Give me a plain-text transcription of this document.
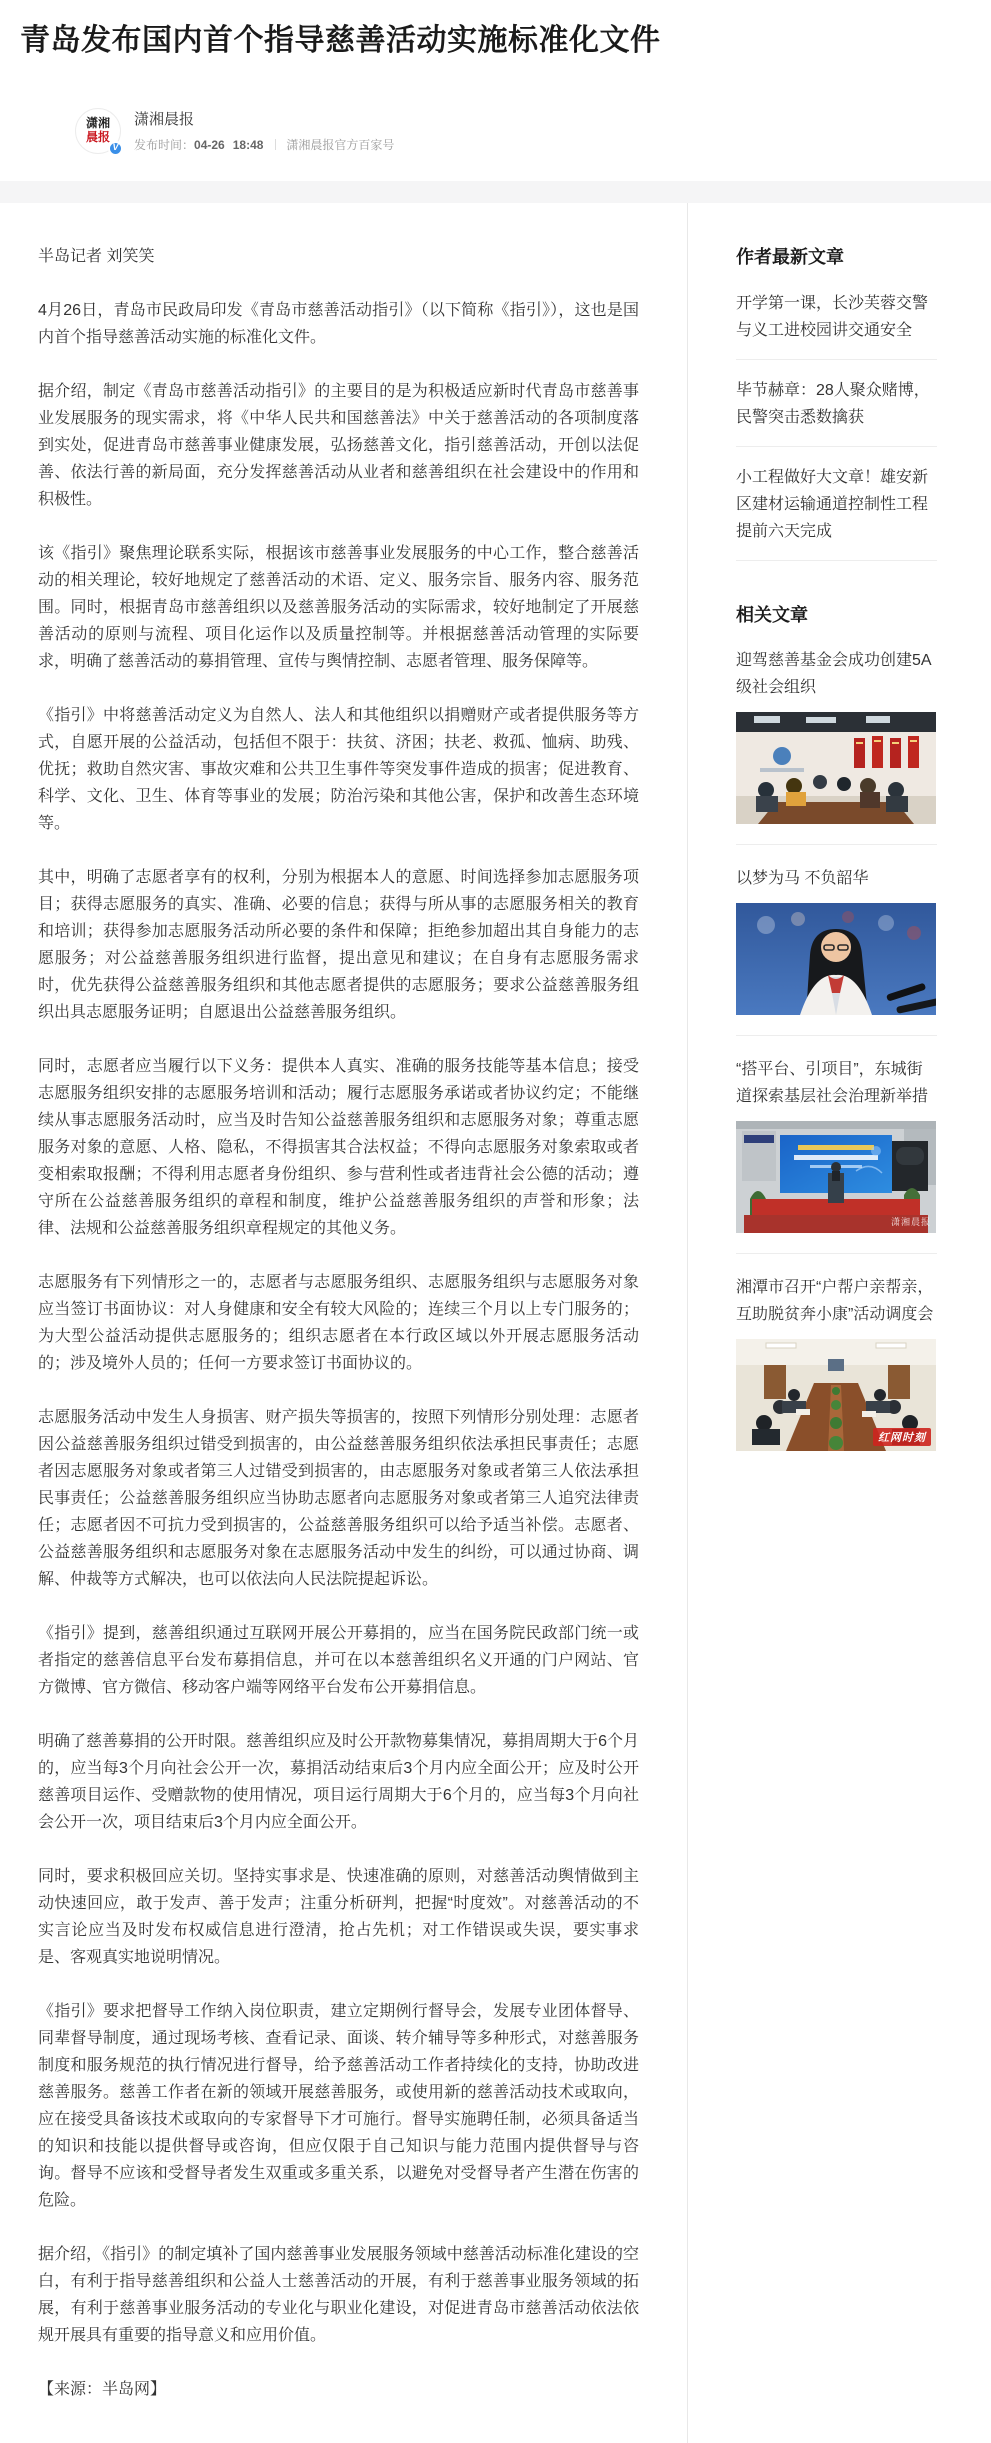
青岛发布国内首个指导慈善活动实施标准化文件
潇湘
晨报
V
潇湘晨报
发布时间： 04-26 18:48 潇湘晨报官方百家号

半岛记者 刘笑笑

4月26日，青岛市民政局印发《青岛市慈善活动指引》（以下简称《指引》），这也是国内首个指导慈善活动实施的标准化文件。

据介绍，制定《青岛市慈善活动指引》的主要目的是为积极适应新时代青岛市慈善事业发展服务的现实需求，将《中华人民共和国慈善法》中关于慈善活动的各项制度落到实处，促进青岛市慈善事业健康发展，弘扬慈善文化，指引慈善活动，开创以法促善、依法行善的新局面，充分发挥慈善活动从业者和慈善组织在社会建设中的作用和积极性。

该《指引》聚焦理论联系实际，根据该市慈善事业发展服务的中心工作，整合慈善活动的相关理论，较好地规定了慈善活动的术语、定义、服务宗旨、服务内容、服务范围。同时，根据青岛市慈善组织以及慈善服务活动的实际需求，较好地制定了开展慈善活动的原则与流程、项目化运作以及质量控制等。并根据慈善活动管理的实际要求，明确了慈善活动的募捐管理、宣传与舆情控制、志愿者管理、服务保障等。

《指引》中将慈善活动定义为自然人、法人和其他组织以捐赠财产或者提供服务等方式，自愿开展的公益活动，包括但不限于：扶贫、济困；扶老、救孤、恤病、助残、优抚；救助自然灾害、事故灾难和公共卫生事件等突发事件造成的损害；促进教育、科学、文化、卫生、体育等事业的发展；防治污染和其他公害，保护和改善生态环境等。

其中，明确了志愿者享有的权利，分别为根据本人的意愿、时间选择参加志愿服务项目；获得志愿服务的真实、准确、必要的信息；获得与所从事的志愿服务相关的教育和培训；获得参加志愿服务活动所必要的条件和保障；拒绝参加超出其自身能力的志愿服务；对公益慈善服务组织进行监督，提出意见和建议；在自身有志愿服务需求时，优先获得公益慈善服务组织和其他志愿者提供的志愿服务；要求公益慈善服务组织出具志愿服务证明；自愿退出公益慈善服务组织。

同时，志愿者应当履行以下义务：提供本人真实、准确的服务技能等基本信息；接受志愿服务组织安排的志愿服务培训和活动；履行志愿服务承诺或者协议约定；不能继续从事志愿服务活动时，应当及时告知公益慈善服务组织和志愿服务对象；尊重志愿服务对象的意愿、人格、隐私，不得损害其合法权益；不得向志愿服务对象索取或者变相索取报酬；不得利用志愿者身份组织、参与营利性或者违背社会公德的活动；遵守所在公益慈善服务组织的章程和制度，维护公益慈善服务组织的声誉和形象；法律、法规和公益慈善服务组织章程规定的其他义务。

志愿服务有下列情形之一的，志愿者与志愿服务组织、志愿服务组织与志愿服务对象应当签订书面协议：对人身健康和安全有较大风险的；连续三个月以上专门服务的；为大型公益活动提供志愿服务的；组织志愿者在本行政区域以外开展志愿服务活动的；涉及境外人员的；任何一方要求签订书面协议的。

志愿服务活动中发生人身损害、财产损失等损害的，按照下列情形分别处理：志愿者因公益慈善服务组织过错受到损害的，由公益慈善服务组织依法承担民事责任；志愿者因志愿服务对象或者第三人过错受到损害的，由志愿服务对象或者第三人依法承担民事责任；公益慈善服务组织应当协助志愿者向志愿服务对象或者第三人追究法律责任；志愿者因不可抗力受到损害的，公益慈善服务组织可以给予适当补偿。志愿者、公益慈善服务组织和志愿服务对象在志愿服务活动中发生的纠纷，可以通过协商、调解、仲裁等方式解决，也可以依法向人民法院提起诉讼。

《指引》提到，慈善组织通过互联网开展公开募捐的，应当在国务院民政部门统一或者指定的慈善信息平台发布募捐信息，并可在以本慈善组织名义开通的门户网站、官方微博、官方微信、移动客户端等网络平台发布公开募捐信息。

明确了慈善募捐的公开时限。慈善组织应及时公开款物募集情况，募捐周期大于6个月的，应当每3个月向社会公开一次，募捐活动结束后3个月内应全面公开；应及时公开慈善项目运作、受赠款物的使用情况，项目运行周期大于6个月的，应当每3个月向社会公开一次，项目结束后3个月内应全面公开。

同时，要求积极回应关切。坚持实事求是、快速准确的原则，对慈善活动舆情做到主动快速回应，敢于发声、善于发声；注重分析研判，把握“时度效”。对慈善活动的不实言论应当及时发布权威信息进行澄清，抢占先机；对工作错误或失误，要实事求是、客观真实地说明情况。

《指引》要求把督导工作纳入岗位职责，建立定期例行督导会，发展专业团体督导、同辈督导制度，通过现场考核、查看记录、面谈、转介辅导等多种形式，对慈善服务制度和服务规范的执行情况进行督导，给予慈善活动工作者持续化的支持，协助改进慈善服务。慈善工作者在新的领域开展慈善服务，或使用新的慈善活动技术或取向，应在接受具备该技术或取向的专家督导下才可施行。督导实施聘任制，必须具备适当的知识和技能以提供督导或咨询，但应仅限于自己知识与能力范围内提供督导与咨询。督导不应该和受督导者发生双重或多重关系，以避免对受督导者产生潜在伤害的危险。

据介绍，《指引》的制定填补了国内慈善事业发展服务领域中慈善活动标准化建设的空白，有利于指导慈善组织和公益人士慈善活动的开展，有利于慈善事业服务领域的拓展，有利于慈善事业服务活动的专业化与职业化建设，对促进青岛市慈善活动依法依规开展具有重要的指导意义和应用价值。

【来源：半岛网】

作者最新文章
开学第一课，长沙芙蓉交警与义工进校园讲交通安全
毕节赫章：28人聚众赌博，民警突击悉数擒获
小工程做好大文章！雄安新区建材运输通道控制性工程提前六天完成
相关文章
迎驾慈善基金会成功创建5A级社会组织
以梦为马 不负韶华
“搭平台、引项目”，东城街道探索基层社会治理新举措
潇湘晨报
湘潭市召开“户帮户亲帮亲，互助脱贫奔小康”活动调度会
红网时刻
